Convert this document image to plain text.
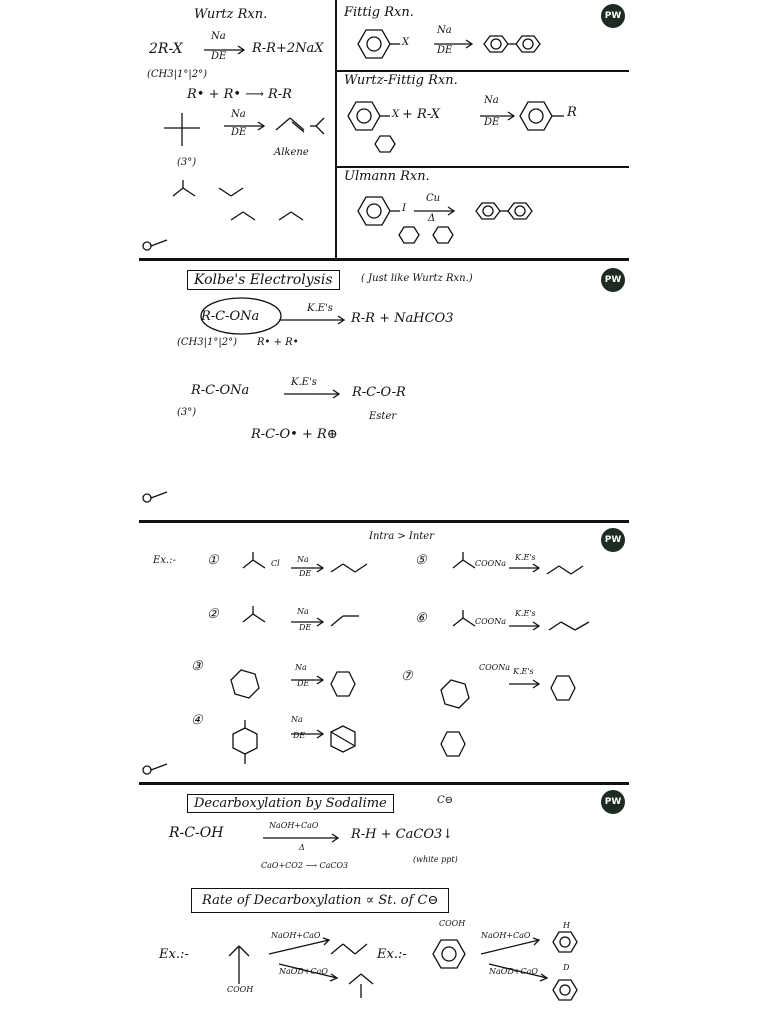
PW
Wurtz Rxn.
2R-X
Na
DE
R-R+2NaX
(CH3|1°|2°)
R• + R• ⟶ R-R
Na
DE
Alkene
(3°)
Fittig Rxn.
X
Na
DE
Wurtz-Fittig Rxn.
X + R-X
Na
DE
R
Ulmann Rxn.
I
Cu
Δ
PW
Kolbe's Electrolysis	( Just like Wurtz Rxn.)
R-C-ONa
K.E's
R-R + NaHCO3
(CH3|1°|2°) R• + R•
R-C-ONa
K.E's
R-C-O-R
(3°)	Ester
R-C-O• + R⊕
PW
Intra > Inter
Ex.:- ①
②
③
④
Cl Na
DE
Na
DE
Na
DE
Na
DE
⑤
⑥
⑦
COONa
K.E's
COONa
K.E's
COONa K.E's
PW
Decarboxylation by Sodalime	C⊖
R-C-OH	NaOH+CaO
Δ
R-H + CaCO3↓
CaO+CO2 ⟶ CaCO3
(white ppt)
Rate of Decarboxylation ∝ St. of C⊖
Ex.:-
COOH
NaOH+CaO
NaOD+CaO
Ex.:-
COOH
NaOH+CaO
NaOD+CaO
H
D
